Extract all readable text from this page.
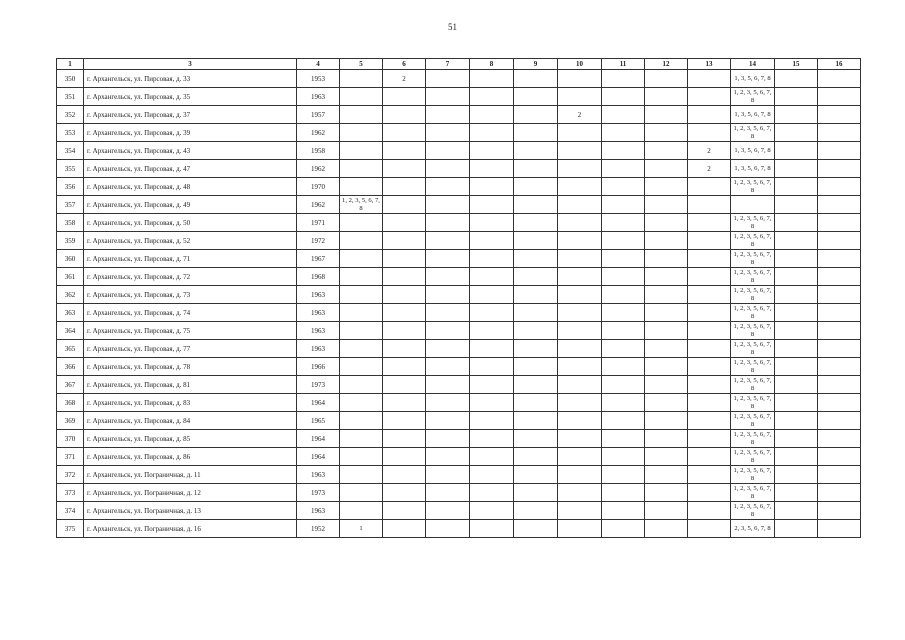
51
1	3	4	5	6	7	8	9	10	11	12	13	14	15	16
350	г. Архангельск, ул. Пирсовая, д. 33	1953		2								1, 3, 5, 6, 7, 8		
351	г. Архангельск, ул. Пирсовая, д. 35	1963										1, 2, 3, 5, 6, 7, 8		
352	г. Архангельск, ул. Пирсовая, д. 37	1957						2				1, 3, 5, 6, 7, 8		
353	г. Архангельск, ул. Пирсовая, д. 39	1962										1, 2, 3, 5, 6, 7, 8		
354	г. Архангельск, ул. Пирсовая, д. 43	1958									2	1, 3, 5, 6, 7, 8		
355	г. Архангельск, ул. Пирсовая, д. 47	1962									2	1, 3, 5, 6, 7, 8		
356	г. Архангельск, ул. Пирсовая, д. 48	1970										1, 2, 3, 5, 6, 7, 8		
357	г. Архангельск, ул. Пирсовая, д. 49	1962	1, 2, 3, 5, 6, 7, 8											
358	г. Архангельск, ул. Пирсовая, д. 50	1971										1, 2, 3, 5, 6, 7, 8		
359	г. Архангельск, ул. Пирсовая, д. 52	1972										1, 2, 3, 5, 6, 7, 8		
360	г. Архангельск, ул. Пирсовая, д. 71	1967										1, 2, 3, 5, 6, 7, 8		
361	г. Архангельск, ул. Пирсовая, д. 72	1968										1, 2, 3, 5, 6, 7, 8		
362	г. Архангельск, ул. Пирсовая, д. 73	1963										1, 2, 3, 5, 6, 7, 8		
363	г. Архангельск, ул. Пирсовая, д. 74	1963										1, 2, 3, 5, 6, 7, 8		
364	г. Архангельск, ул. Пирсовая, д. 75	1963										1, 2, 3, 5, 6, 7, 8		
365	г. Архангельск, ул. Пирсовая, д. 77	1963										1, 2, 3, 5, 6, 7, 8		
366	г. Архангельск, ул. Пирсовая, д. 78	1966										1, 2, 3, 5, 6, 7, 8		
367	г. Архангельск, ул. Пирсовая, д. 81	1973										1, 2, 3, 5, 6, 7, 8		
368	г. Архангельск, ул. Пирсовая, д. 83	1964										1, 2, 3, 5, 6, 7, 8		
369	г. Архангельск, ул. Пирсовая, д. 84	1965										1, 2, 3, 5, 6, 7, 8		
370	г. Архангельск, ул. Пирсовая, д. 85	1964										1, 2, 3, 5, 6, 7, 8		
371	г. Архангельск, ул. Пирсовая, д. 86	1964										1, 2, 3, 5, 6, 7, 8		
372	г. Архангельск, ул. Пограничная, д. 11	1963										1, 2, 3, 5, 6, 7, 8		
373	г. Архангельск, ул. Пограничная, д. 12	1973										1, 2, 3, 5, 6, 7, 8		
374	г. Архангельск, ул. Пограничная, д. 13	1963										1, 2, 3, 5, 6, 7, 8		
375	г. Архангельск, ул. Пограничная, д. 16	1952	1									2, 3, 5, 6, 7, 8		
